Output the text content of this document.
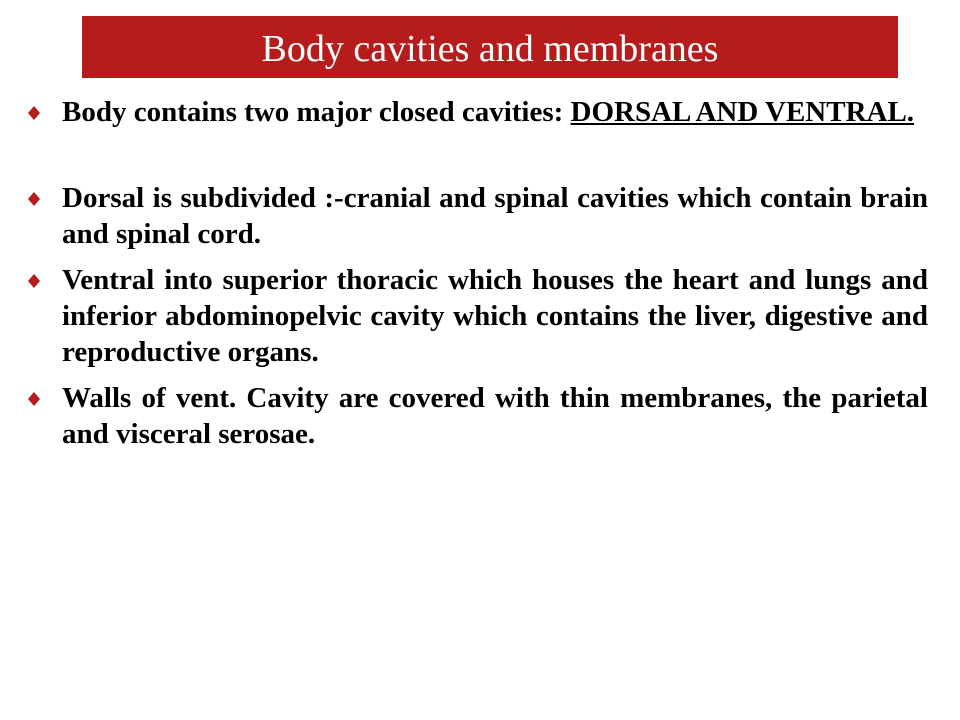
Body cavities and membranes
Body contains two major closed cavities: DORSAL AND VENTRAL.
Dorsal is subdivided :-cranial and spinal cavities which contain brain and spinal cord.
Ventral into superior thoracic which houses the heart and lungs and inferior abdominopelvic cavity which contains the liver, digestive and reproductive organs.
Walls of vent. Cavity are covered with thin membranes, the parietal and visceral serosae.
